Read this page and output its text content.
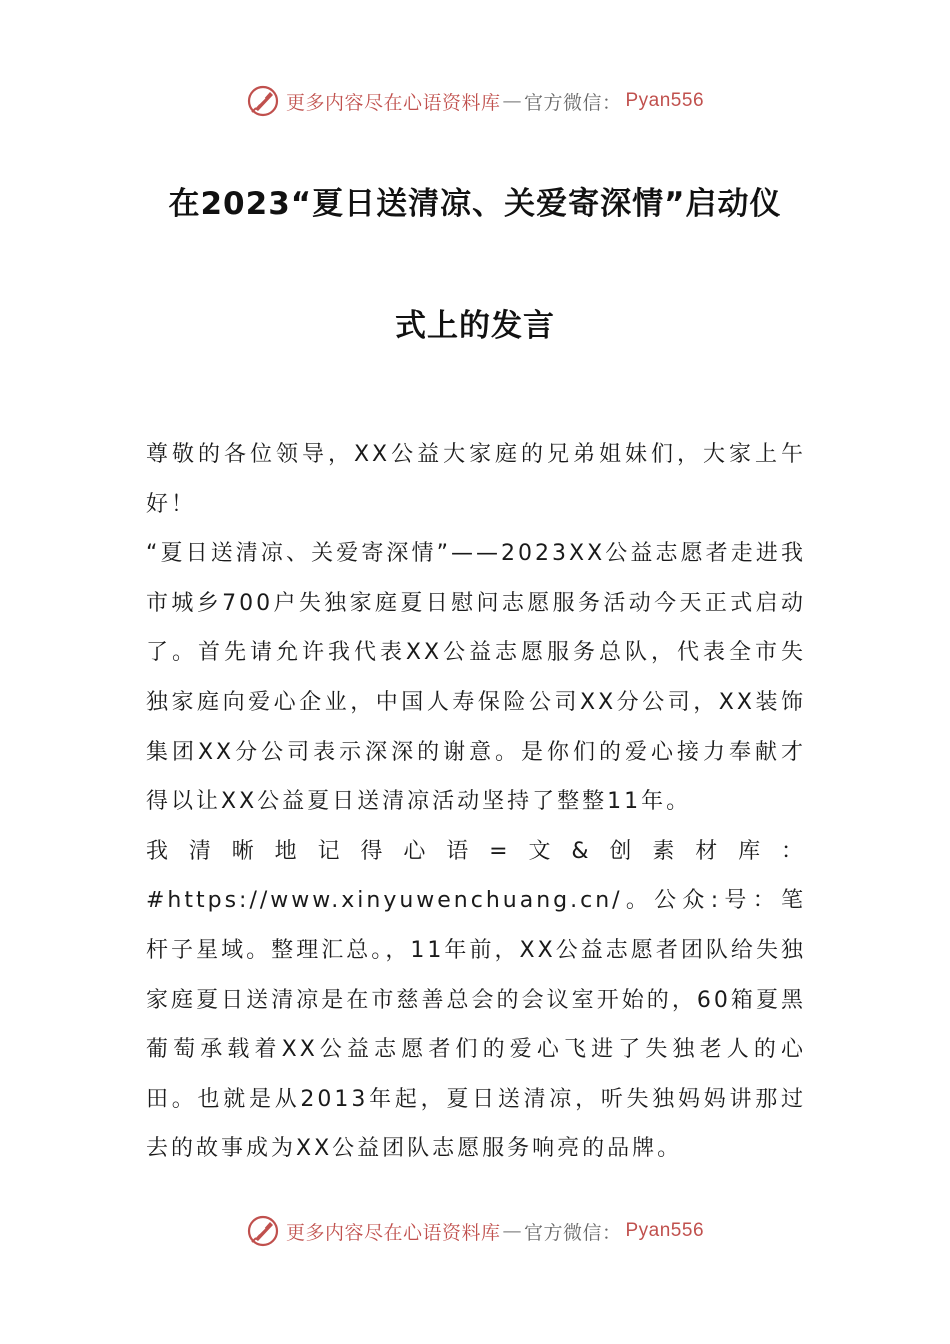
更多内容尽在心语资料库 — 官方微信： Pyan556
在2023“夏日送清凉、关爱寄深情”启动仪
式上的发言

尊敬的各位领导，XX公益大家庭的兄弟姐妹们，大家上午好！

“夏日送清凉、关爱寄深情”——2023XX公益志愿者走进我市城乡700户失独家庭夏日慰问志愿服务活动今天正式启动了。首先请允许我代表XX公益志愿服务总队，代表全市失独家庭向爱心企业，中国人寿保险公司XX分公司，XX装饰集团XX分公司表示深深的谢意。是你们的爱心接力奉献才得以让XX公益夏日送清凉活动坚持了整整11年。

我清晰地记得心语=文&创素材库：#https://www.xinyuwenchuang.cn/。公众:号：笔杆子星域。整理汇总。，11年前，XX公益志愿者团队给失独家庭夏日送清凉是在市慈善总会的会议室开始的，60箱夏黑葡萄承载着XX公益志愿者们的爱心飞进了失独老人的心田。也就是从2013年起，夏日送清凉，听失独妈妈讲那过去的故事成为XX公益团队志愿服务响亮的品牌。

更多内容尽在心语资料库 — 官方微信： Pyan556
